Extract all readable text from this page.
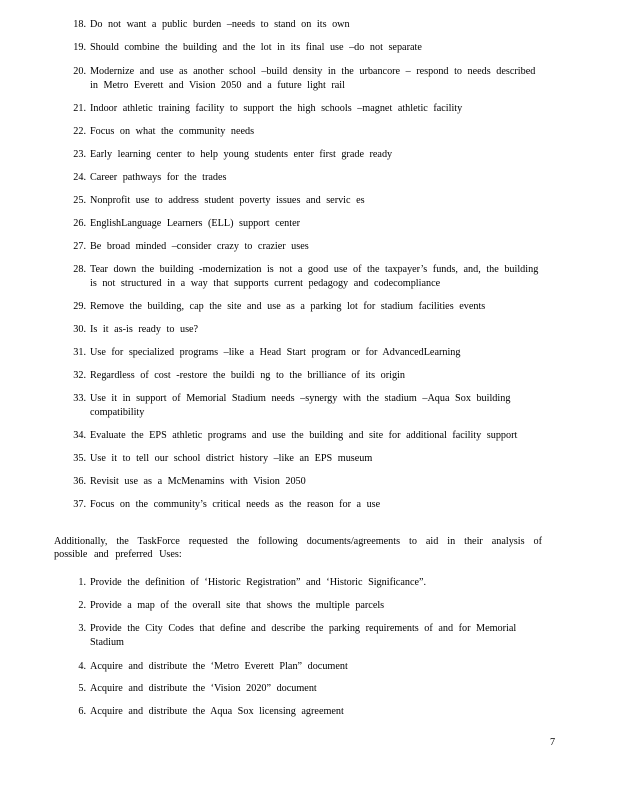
18. Do not want a public burden –needs to stand on its own
19. Should combine the building and the lot in its final use –do not separate
20. Modernize and use as another school –build density in the urbancore – respond to needs described in Metro Everett and Vision 2050 and a future light rail
21. Indoor athletic training facility to support the high schools –magnet athletic facility
22. Focus on what the community needs
23. Early learning center to help young students enter first grade ready
24. Career pathways for the trades
25. Nonprofit use to address student poverty issues and servic es
26. EnglishLanguage Learners (ELL) support center
27. Be broad minded –consider crazy to crazier uses
28. Tear down the building -modernization is not a good use of the taxpayer’s funds, and, the building is not structured in a way that supports current pedagogy and codecompliance
29. Remove the building, cap the site and use as a parking lot for stadium facilities events
30. Is it as-is ready to use?
31. Use for specialized programs –like a Head Start program or for AdvancedLearning
32. Regardless of cost -restore the buildi ng to the brilliance of its origin
33. Use it in support of Memorial Stadium needs –synergy with the stadium –Aqua Sox building compatibility
34. Evaluate the EPS athletic programs and use the building and site for additional facility support
35. Use it to tell our school district history –like an EPS museum
36. Revisit use as a McMenamins with Vision 2050
37. Focus on the community’s critical needs as the reason for a use

Additionally, the TaskForce requested the following documents/agreements to aid in their analysis of possible and preferred Uses:

1. Provide the definition of ‘Historic Registration” and ‘Historic Significance”.
2. Provide a map of the overall site that shows the multiple parcels
3. Provide the City Codes that define and describe the parking requirements of and for Memorial Stadium
4. Acquire and distribute the ‘Metro Everett Plan” document
5. Acquire and distribute the ‘Vision 2020” document
6. Acquire and distribute the Aqua Sox licensing agreement
7
